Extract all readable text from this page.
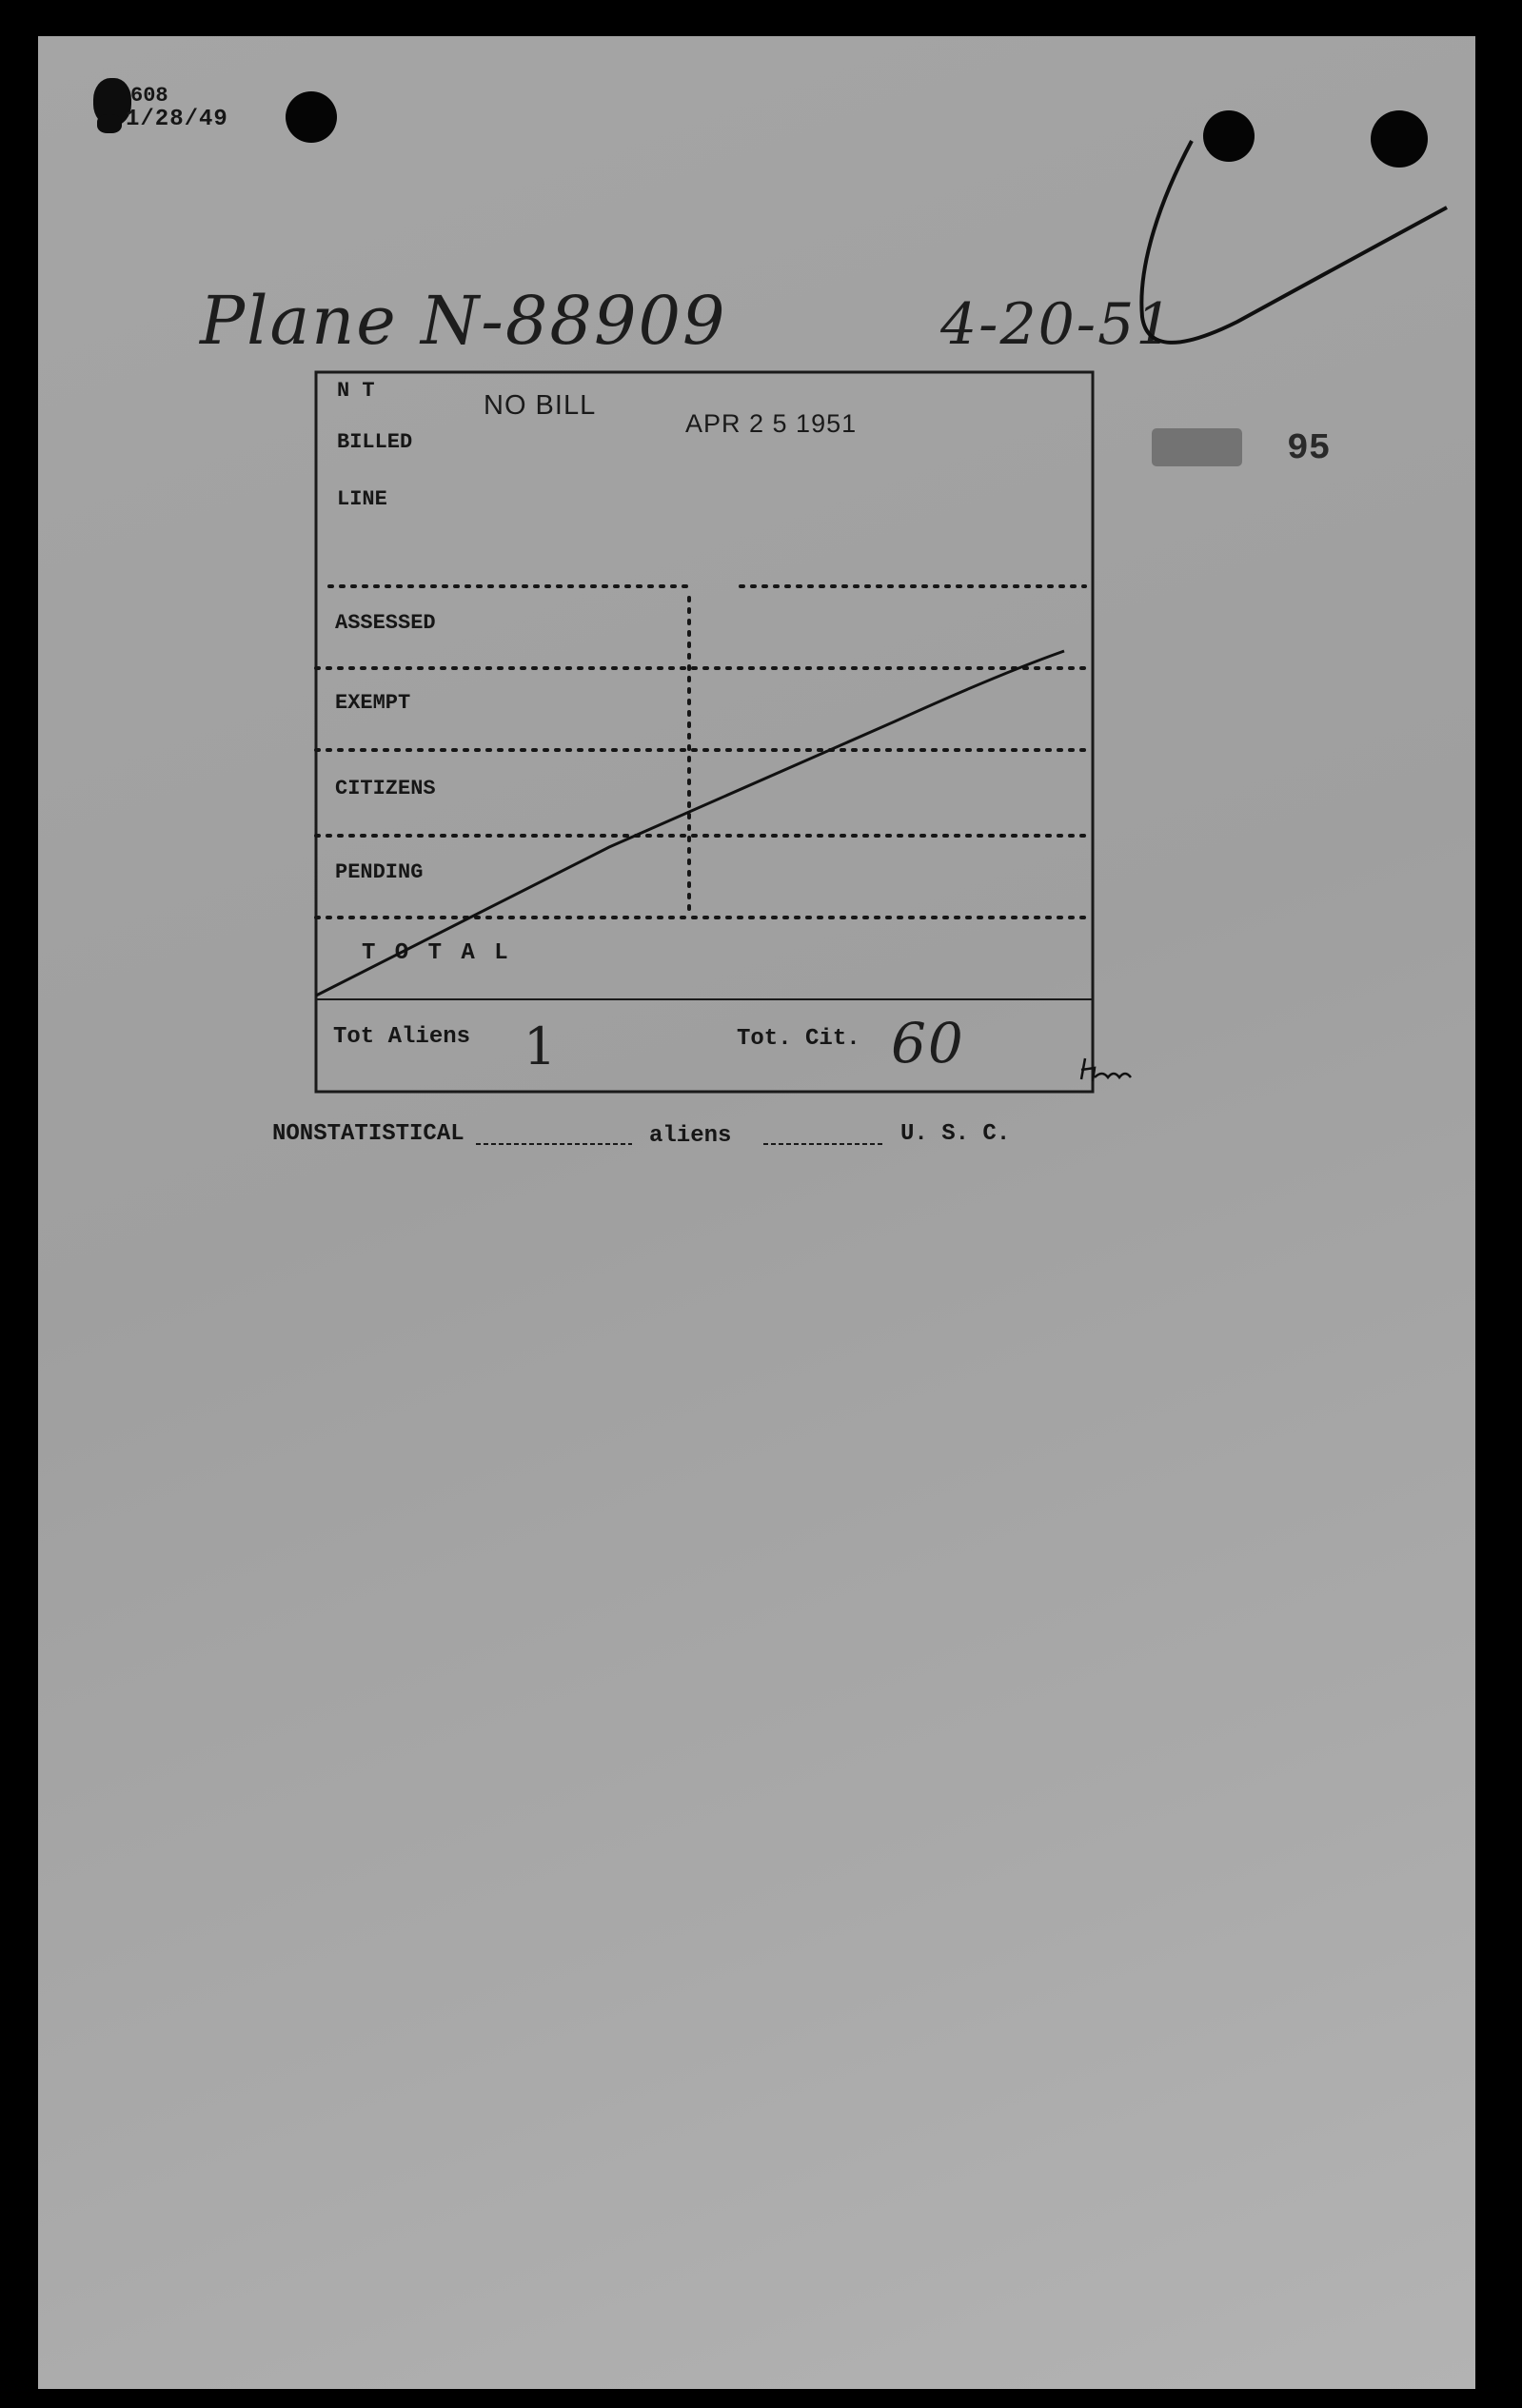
608
1/28/49
Plane N-88909	4-20-51
NO BILL
APR 2 5 1951
95
N T
BILLED
LINE
ASSESSED
EXEMPT
CITIZENS
PENDING
T O T A L
Tot Aliens 1	Tot. Cit. 60
NONSTATISTICAL	aliens	U. S. C.
